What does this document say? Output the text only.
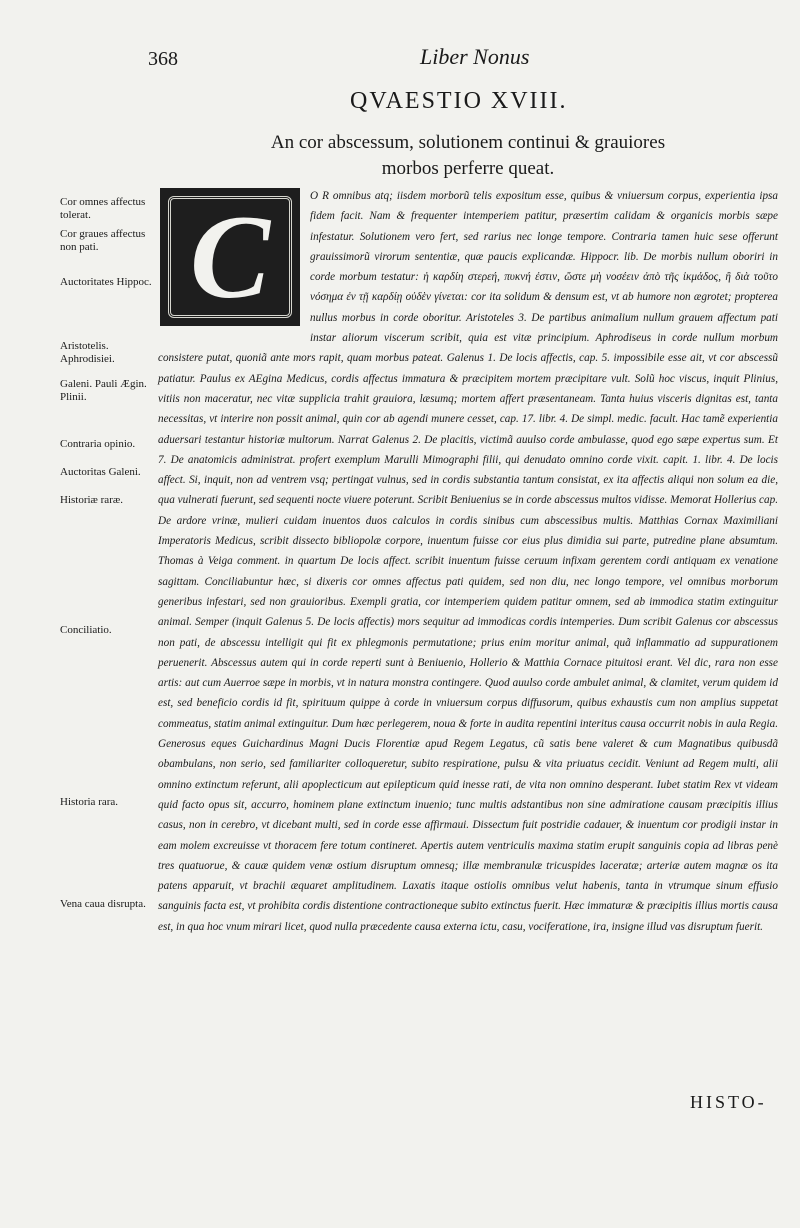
368	Liber Nonus
QVAESTIO XVIII.
An cor abscessum, solutionem continui & grauiores morbos perferre queat.
Cor omnes affectus tolerat.
Cor graues affectus non pati.
Auctoritates Hippoc.
Aristotelis. Aphrodisiei.
Galeni. Pauli Ægin. Plinii.
Contraria opinio.
Auctoritas Galeni.
Historiæ raræ.
Conciliatio.
Historia rara.
Vena caua disrupta.
C	O R omnibus atq; iisdem morborũ telis expositum esse, quibus & vniuersum corpus, experientia ipsa fidem facit. Nam & frequenter intemperiem patitur, præsertim calidam & organicis morbis sæpe infestatur. Solutionem vero fert, sed rarius nec longe tempore. Contraria tamen huic sese offerunt grauissimorũ virorum sententiæ, quæ paucis explicandæ. Hippocr. lib. De morbis nullum oboriri in corde morbum testatur: ἡ καρδίη στερεή, πυκνή ἐστιν, ὥστε μὴ νοσέειν ἀπὸ τῆς ἰκμάδος, ἢ διὰ τοῦτο νόσημα ἐν τῇ καρδίῃ οὐδὲν γίνεται: cor ita solidum & densum est, vt ab humore non ægrotet; propterea nullus morbus in corde oboritur. Aristoteles 3. De partibus animalium nullum grauem affectum pati instar aliorum viscerum scribit, quia est vitæ principium. Aphrodiseus in corde nullum morbum consistere putat, quoniã ante mors rapit, quam morbus pateat. Galenus 1. De locis affectis, cap. 5. impossibile esse ait, vt cor abscessũ patiatur. Paulus ex AEgina Medicus, cordis affectus immatura & præcipitem mortem præcipitare vult. Solũ hoc viscus, inquit Plinius, vitiis non maceratur, nec vitæ supplicia trahit grauiora, læsumq; mortem affert præsentaneam. Tanta huius visceris dignitas est, tanta necessitas, vt interire non possit animal, quin cor ab agendi munere cesset, cap. 17. libr. 4. De simpl. medic. facult. Hac tamẽ experientia aduersari testantur historiæ multorum. Narrat Galenus 2. De placitis, victimã auulso corde ambulasse, quod ego sæpe expertus sum. Et 7. De anatomicis administrat. profert exemplum Marulli Mimographi filii, qui denudato omnino corde vixit. capit. 1. libr. 4. De locis affect. Si, inquit, non ad ventrem vsq; pertingat vulnus, sed in cordis substantia tantum consistat, ex ita affectis aliqui non solum ea die, qua vulnerati fuerunt, sed sequenti nocte viuere poterunt. Scribit Beniuenius se in corde abscessus multos vidisse. Memorat Hollerius cap. De ardore vrinæ, mulieri cuidam inuentos duos calculos in cordis sinibus cum abscessibus multis. Matthias Cornax Maximiliani Imperatoris Medicus, scribit dissecto bibliopolæ corpore, inuentum fuisse cor eius plus dimidia sui parte, putredine plane absumtum. Thomas à Veiga comment. in quartum De locis affect. scribit inuentum fuisse ceruum infixam gerentem cordi antiquam ex venatione sagittam. Conciliabuntur hæc, si dixeris cor omnes affectus pati quidem, sed non diu, nec longo tempore, vel omnibus morborum generibus infestari, sed non grauioribus. Exempli gratia, cor intemperiem quidem patitur omnem, sed ab immodica statim extinguitur animal. Semper (inquit Galenus 5. De locis affectis) mors sequitur ad immodicas cordis intemperies. Dum scribit Galenus cor abscessus non pati, de abscessu intelligit qui fit ex phlegmonis permutatione; prius enim moritur animal, quã inflammatio ad suppurationem peruenerit. Abscessus autem qui in corde reperti sunt à Beniuenio, Hollerio & Matthia Cornace pituitosi erant. Vel dic, rara non esse artis: aut cum Auerroe sæpe in morbis, vt in natura monstra contingere. Quod auulso corde ambulet animal, & clamitet, verum quidem id est, sed beneficio cordis id fit, spirituum quippe à corde in vniuersum corpus diffusorum, quibus exhaustis cum non amplius suppetat commeatus, statim animal extinguitur. Dum hæc perlegerem, noua & forte in audita repentini interitus causa occurrit nobis in aula Regia. Generosus eques Guichardinus Magni Ducis Florentiæ apud Regem Legatus, cũ satis bene valeret & cum Magnatibus quibusdã obambulans, non serio, sed familiariter colloqueretur, subito respiratione, pulsu & vita priuatus cecidit. Veniunt ad Regem multi, alii omnino extinctum referunt, alii apoplecticum aut epilepticum quid inesse rati, de vita non omnino desperant. Iubet statim Rex vt videam quid facto opus sit, accurro, hominem plane extinctum inuenio; tunc multis adstantibus non sine admiratione causam præcipitis illius casus, non in cerebro, vt dicebant multi, sed in corde esse affirmaui. Dissectum fuit postridie cadauer, & inuentum cor prodigii instar in eam molem excreuisse vt thoracem fere totum contineret. Apertis autem ventriculis maxima statim erupit sanguinis copia ad libras penè tres quatuorue, & cauæ quidem venæ ostium disruptum omnesq; illæ membranulæ tricuspides laceratæ; arteriæ autem magnæ os ita patens apparuit, vt brachii æquaret amplitudinem. Laxatis itaque ostiolis omnibus velut habenis, tanta in vtrumque sinum effusio sanguinis facta est, vt prohibita cordis distentione contractioneque subito extinctus fuerit. Hæc immaturæ & præcipitis illius mortis causa est, in qua hoc vnum mirari licet, quod nulla præcedente causa externa ictu, casu, vociferatione, ira, insigne illud vas disruptum fuerit.
HISTO-
